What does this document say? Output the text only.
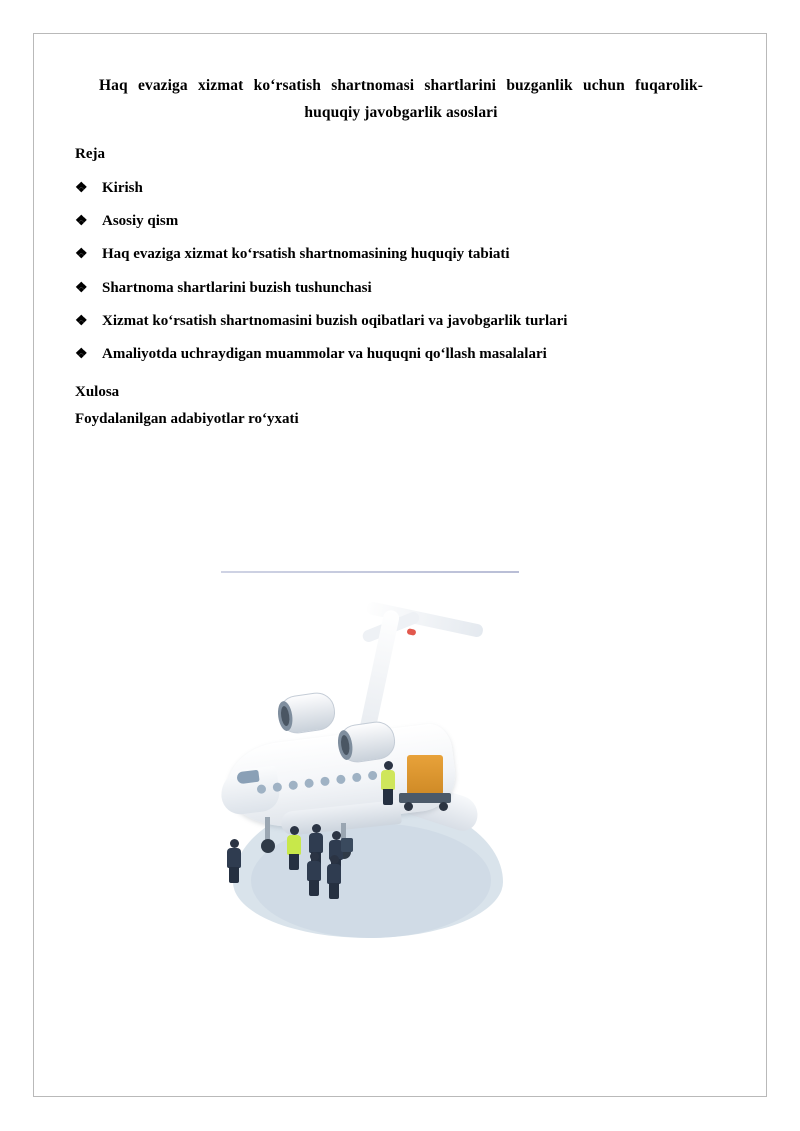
Haq evaziga xizmat ko‘rsatish shartnomasi shartlarini buzganlik uchun fuqarolik-huquqiy javobgarlik asoslari
Reja
❖ Kirish
❖ Asosiy qism
❖ Haq evaziga xizmat ko‘rsatish shartnomasining huquqiy tabiati
❖ Shartnoma shartlarini buzish tushunchasi
❖ Xizmat ko‘rsatish shartnomasini buzish oqibatlari va javobgarlik turlari
❖ Amaliyotda uchraydigan muammolar va huquqni qo‘llash masalalari
Xulosa
Foydalanilgan adabiyotlar ro‘yxati
